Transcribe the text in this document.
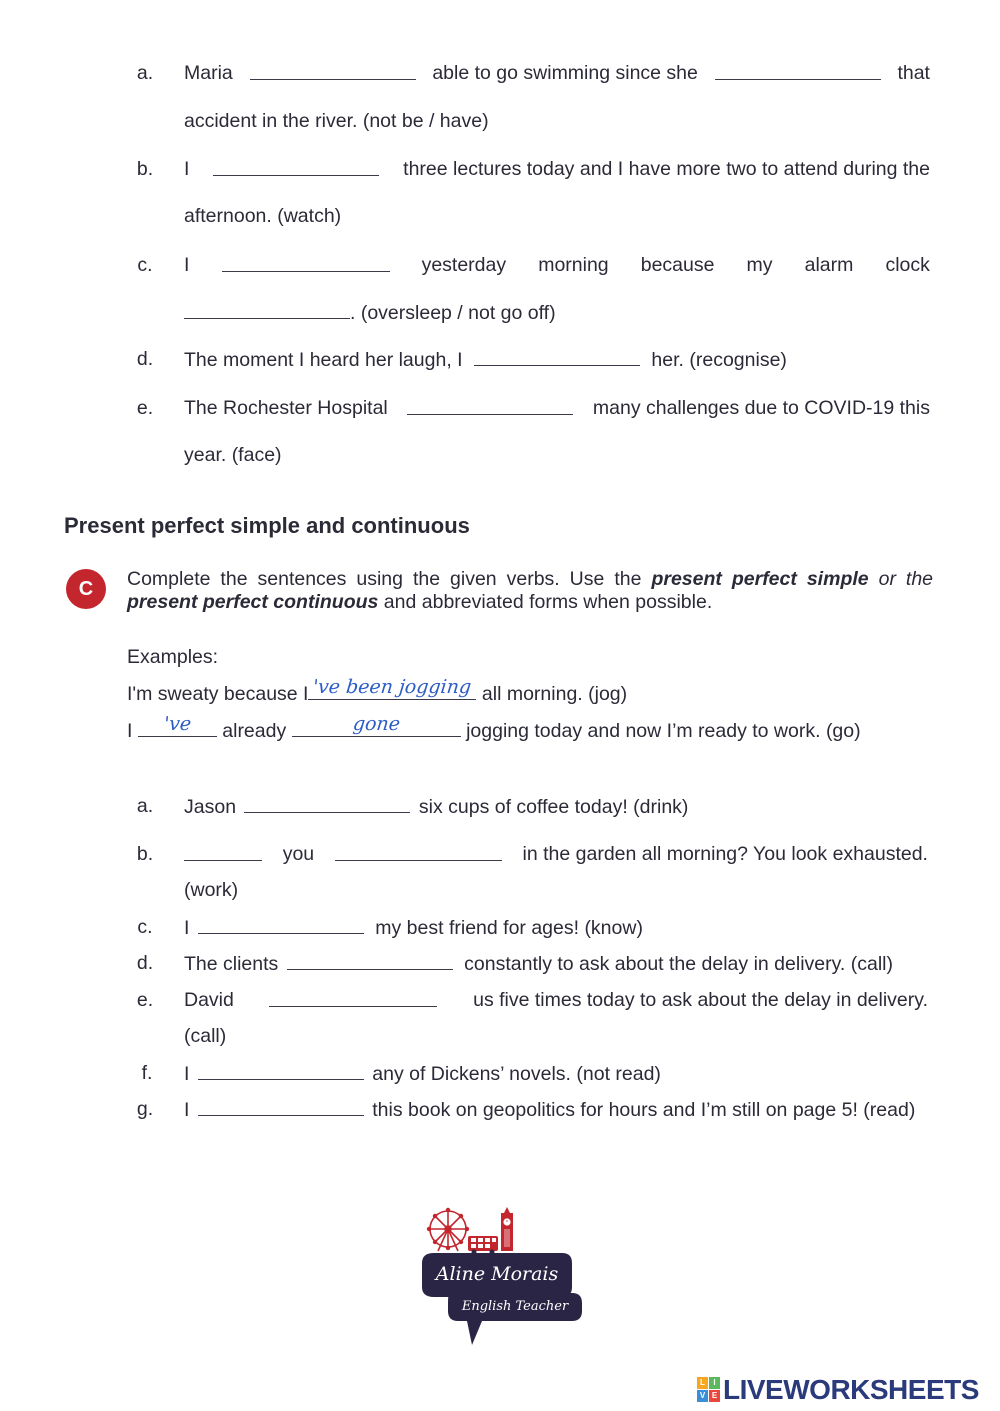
a.	Maria	able to go swimming since she	that
accident in the river. (not be / have)
b.	I	three lectures today and I have more two to attend during the
afternoon. (watch)
c.	I	yesterday morning because my alarm clock
. (oversleep / not go off)
d.	The moment I heard her laugh, I	her. (recognise)
e.	The Rochester Hospital	many challenges due to COVID-19 this
year. (face)
Present perfect simple and continuous
C	Complete the sentences using the given verbs. Use the present perfect simple or the
present perfect continuous and abbreviated forms when possible.
Examples:
I'm sweaty because I 've been jogging all morning. (jog)
I	've	already	gone	jogging today and now I’m ready to work. (go)
a.	Jason	six cups of coffee today! (drink)
b.	you	in the garden all morning? You look exhausted.
(work)
c.	I	my best friend for ages! (know)
d.	The clients	constantly to ask about the delay in delivery. (call)
e.	David	us five times today to ask about the delay in delivery.
(call)
f.	I	any of Dickens’ novels. (not read)
g.	I	this book on geopolitics for hours and I’m still on page 5! (read)
Aline Morais
English Teacher
L	I
V E LIVEWORKSHEETS
